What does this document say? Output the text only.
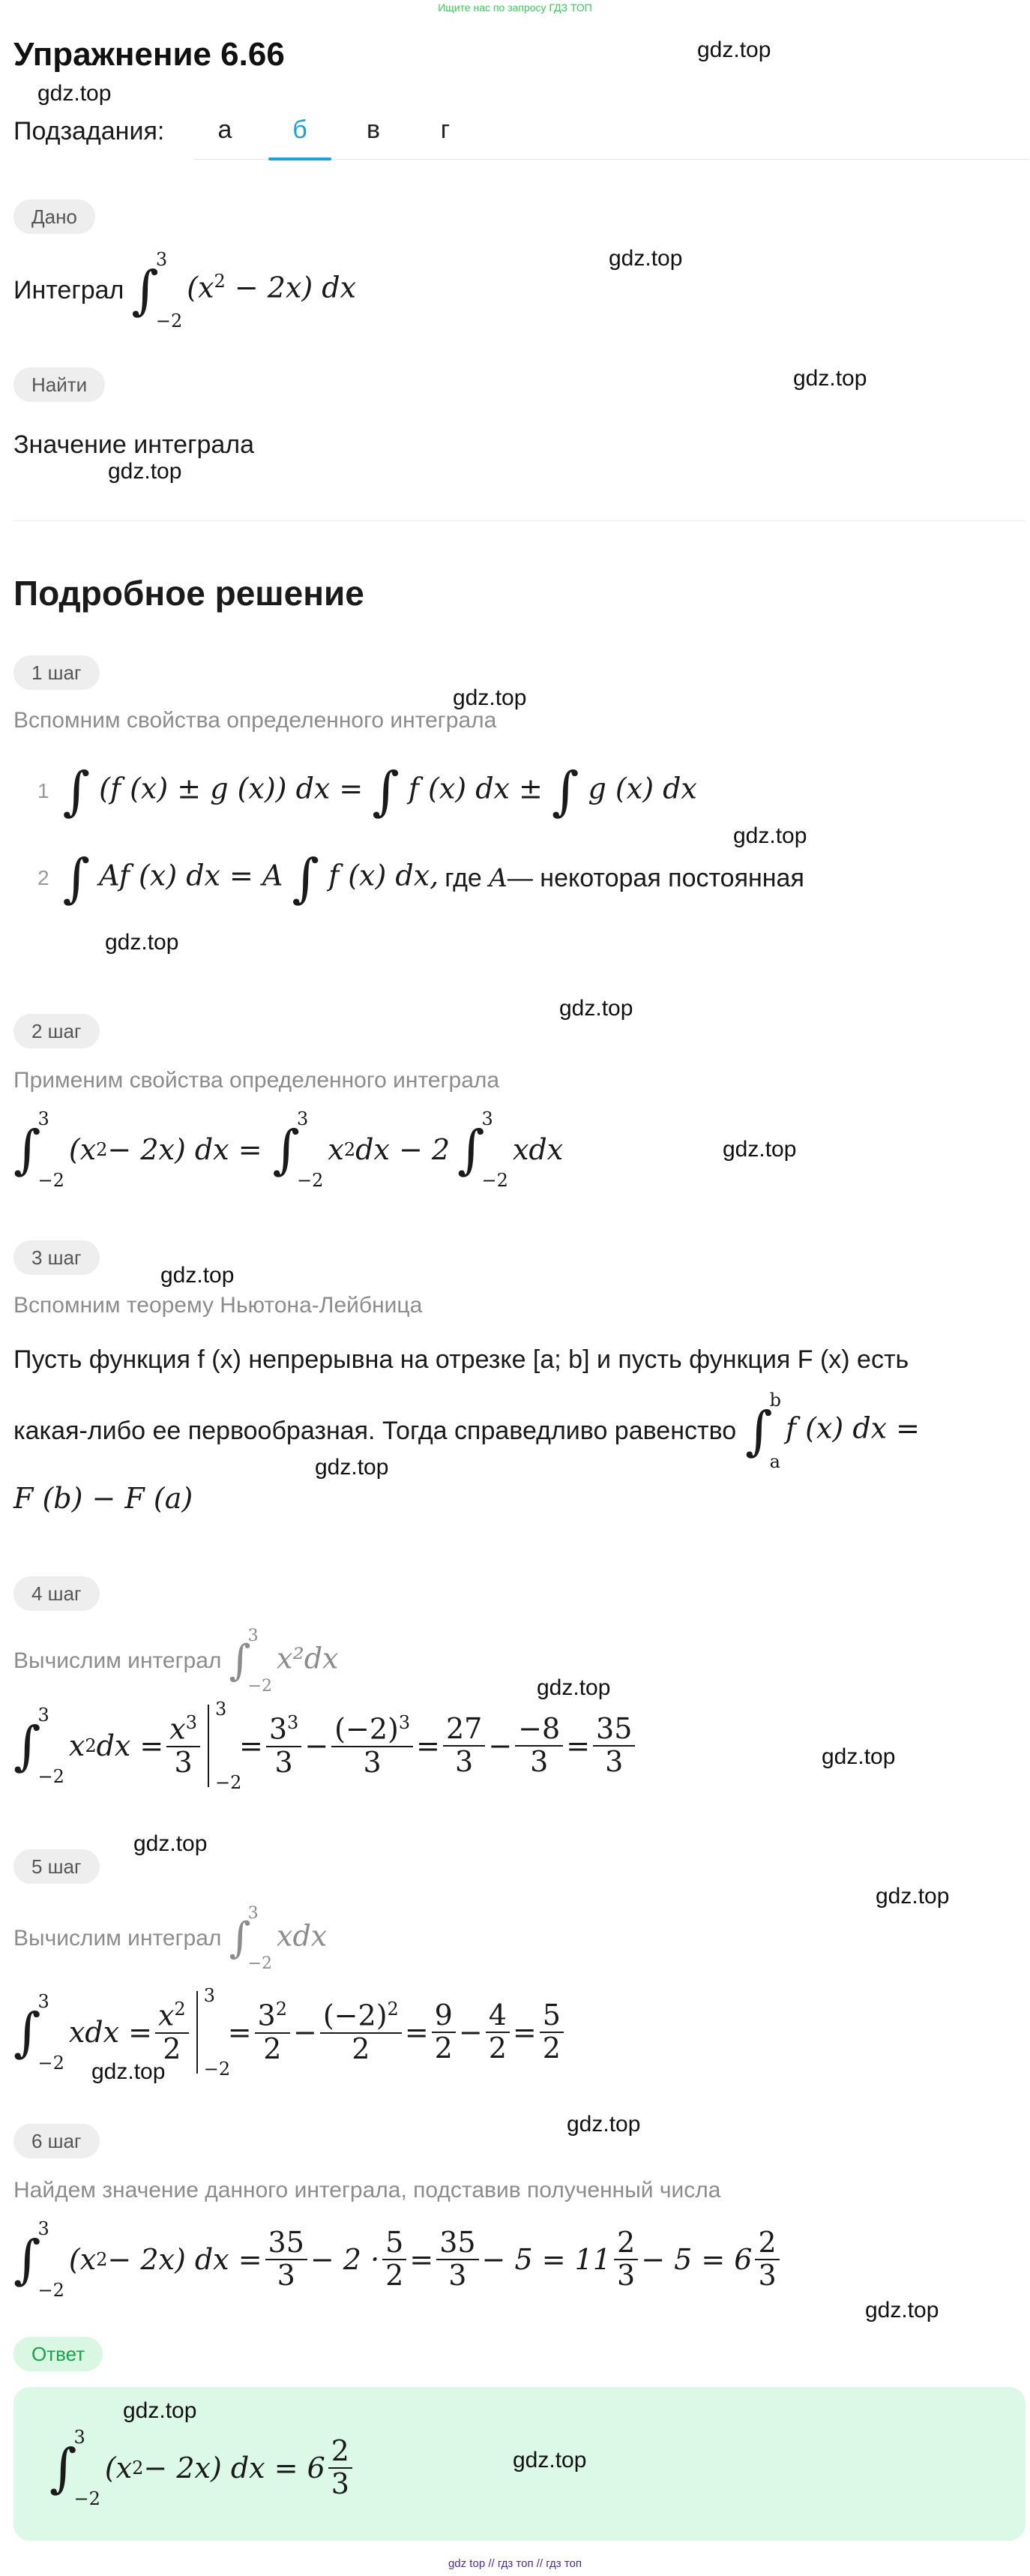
Ищите нас по запросу ГДЗ ТОП
Упражнение 6.66	gdz.top
gdz.top
Подзадания:	а	б	в	г
Дано
gdz.top
Интеграл ∫
3
−2
$(x^2 - 2x)$ dx
Найти	gdz.top
Значение интеграла
gdz.top
Подробное решение
1 шаг
gdz.top
Вспомним свойства определенного интеграла
1 ∫ (f (x) ± g (x)) dx = ∫ f (x) dx ± ∫ g (x) dx
gdz.top
2 ∫ Af (x) dx = A ∫ f (x) dx, где A— некоторая постоянная
gdz.top
gdz.top
2 шаг
Применим свойства определенного интеграла
∫
3
−2
(x 2 − 2x) dx = ∫
3
−2
x 2 dx − 2 ∫
3
−2
xdx	gdz.top
3 шаг
gdz.top
Вспомним теорему Ньютона-Лейбница
Пусть функция f (x) непрерывна на отрезке [a; b] и пусть функция F (x) есть
какая-либо ее первообразная. Тогда справедливо равенство ∫
b
a
f (x) dx =
gdz.top
F (b) − F (a)
4 шаг
Вычислим интеграл ∫
3
−2
x²dx
gdz.top
∫
3
−2
x 2 dx = $\frac{x^3}{3}$
3
−2
= $\frac{3^3}{3} - \frac{(-2)^3}{3} = \frac{27}{3} - \frac{-8}{3} = \frac{35}{3}$	gdz.top
gdz.top
5 шаг
gdz.top
Вычислим интеграл ∫
3
−2
xdx
∫
3
−2
xdx = $\frac{x^2}{2}$
3
−2
= $\frac{3^2}{2} - \frac{(-2)^2}{2} = \frac{9}{2} - \frac{4}{2} = \frac{5}{2}$
gdz.top
gdz.top
6 шаг
Найдем значение данного интеграла, подставив полученный числа
∫
3
−2
(x 2 − 2x) dx = $\frac{35}{3} - 2 \cdot \frac{5}{2} = \frac{35}{3} - 5 = 11 \frac{2}{3} - 5 = 6 \frac{2}{3}$
gdz.top
Ответ
gdz.top
∫
3
−2
(x 2 − 2x) dx = $6 \frac{2}{3}$	gdz.top
gdz top // гдз топ // гдз топ
